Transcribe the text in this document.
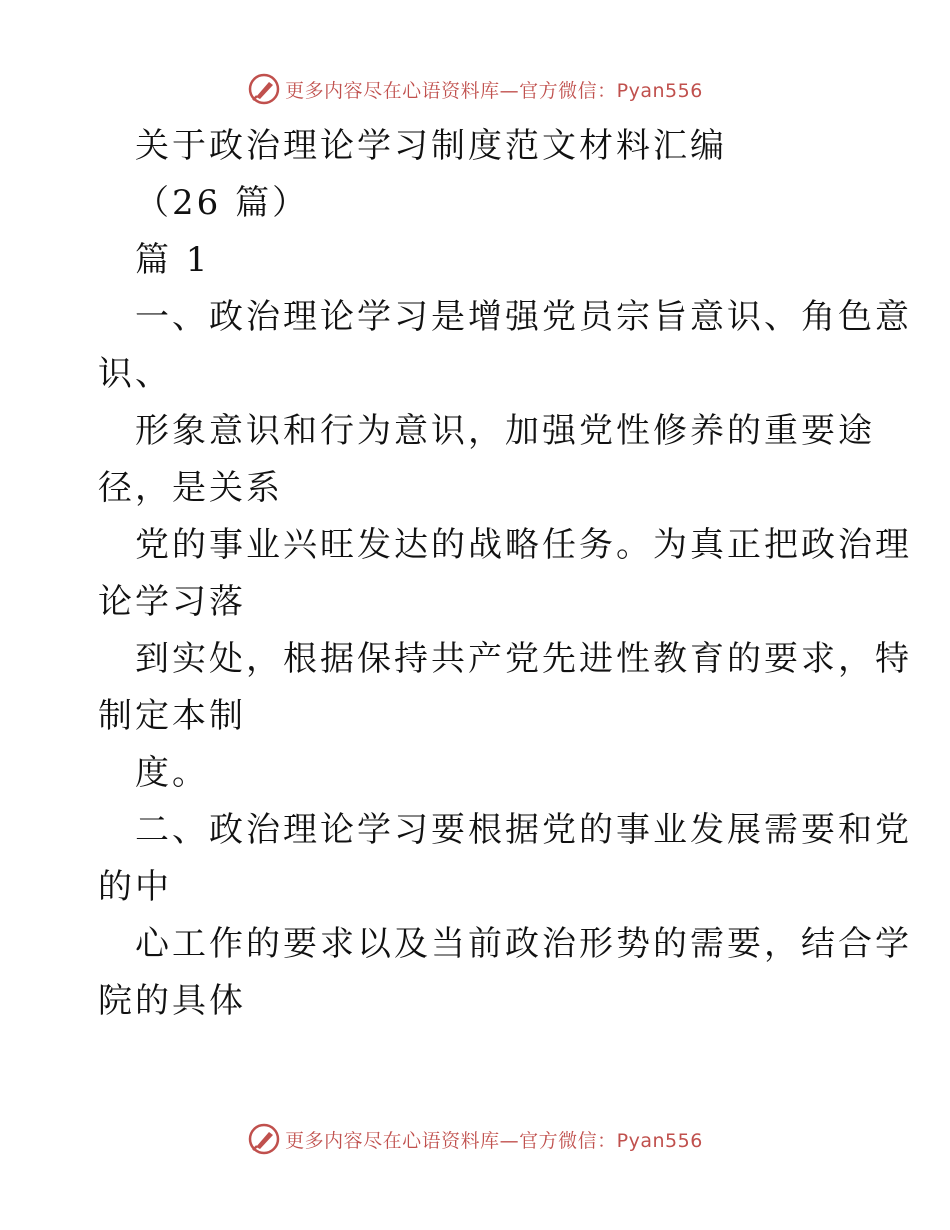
更多内容尽在心语资料库 —官方微信：Pyan556
关于政治理论学习制度范文材料汇编
（26 篇）
篇 1
一、政治理论学习是增强党员宗旨意识、角色意
识、
形象意识和行为意识，加强党性修养的重要途
径，是关系
党的事业兴旺发达的战略任务。为真正把政治理
论学习落
到实处，根据保持共产党先进性教育的要求，特
制定本制
度。
二、政治理论学习要根据党的事业发展需要和党
的中
心工作的要求以及当前政治形势的需要，结合学
院的具体
更多内容尽在心语资料库 —官方微信：Pyan556
